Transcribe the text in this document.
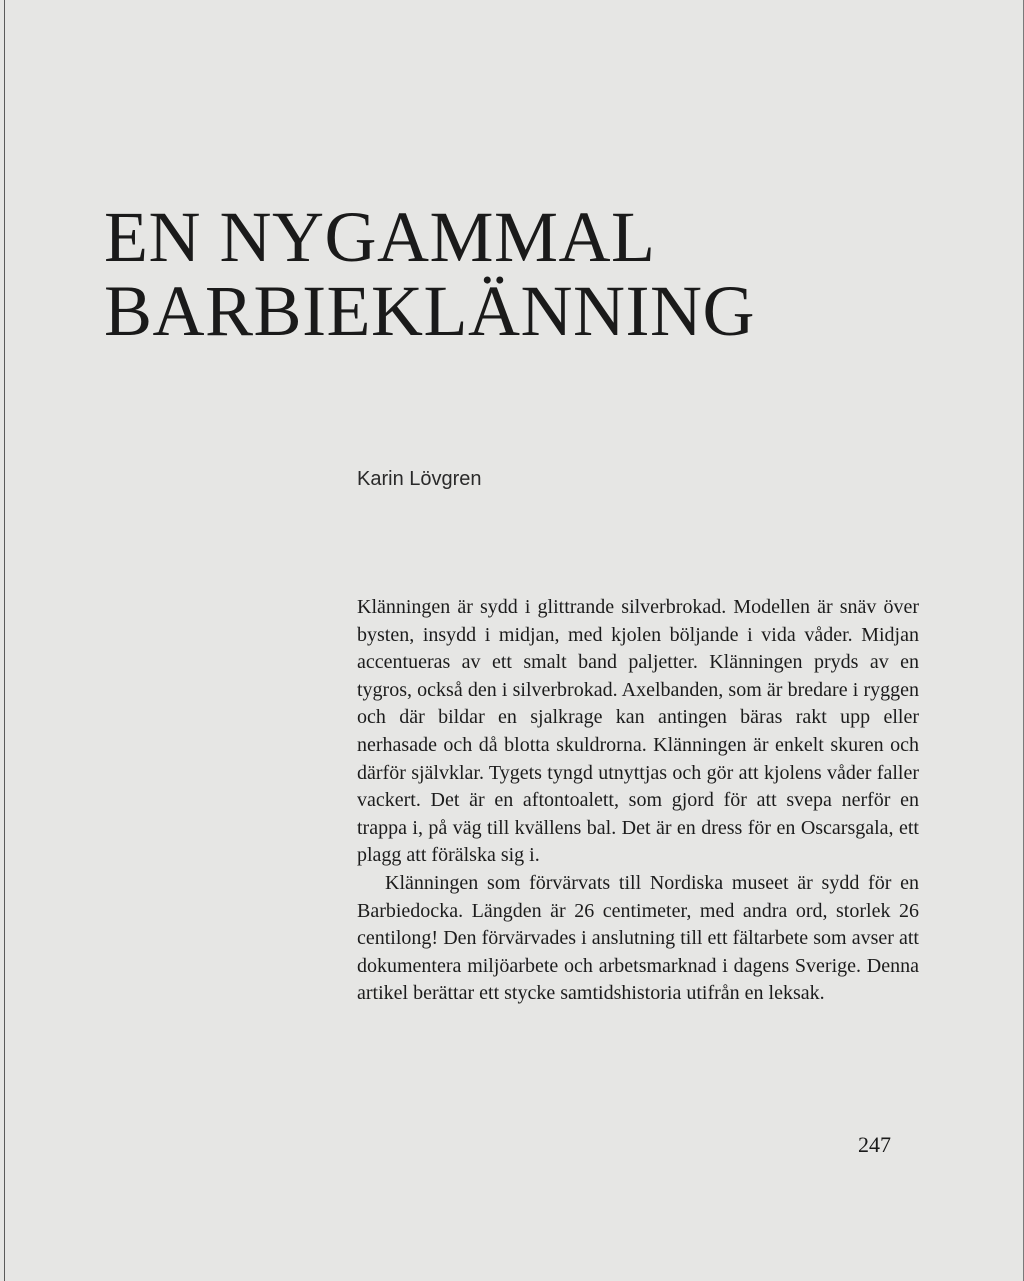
EN NYGAMMAL
BARBIEKLÄNNING
Karin Lövgren

Klänningen är sydd i glittrande silverbrokad. Modellen är snäv över bysten, insydd i midjan, med kjolen böljande i vida våder. Midjan accentueras av ett smalt band paljetter. Klänningen pryds av en tygros, också den i silverbrokad. Axelbanden, som är bredare i ryggen och där bildar en sjalkrage kan antingen bäras rakt upp eller nerhasade och då blotta skuldrorna. Klänningen är enkelt skuren och därför självklar. Tygets tyngd utnyttjas och gör att kjolens våder faller vackert. Det är en aftontoalett, som gjord för att svepa nerför en trappa i, på väg till kvällens bal. Det är en dress för en Oscarsgala, ett plagg att förälska sig i.

Klänningen som förvärvats till Nordiska museet är sydd för en Barbiedocka. Längden är 26 centimeter, med andra ord, storlek 26 centilong! Den förvärvades i anslutning till ett fältarbete som avser att dokumentera miljöarbete och arbetsmarknad i dagens Sverige. Denna artikel berättar ett stycke samtidshistoria utifrån en leksak.

247
